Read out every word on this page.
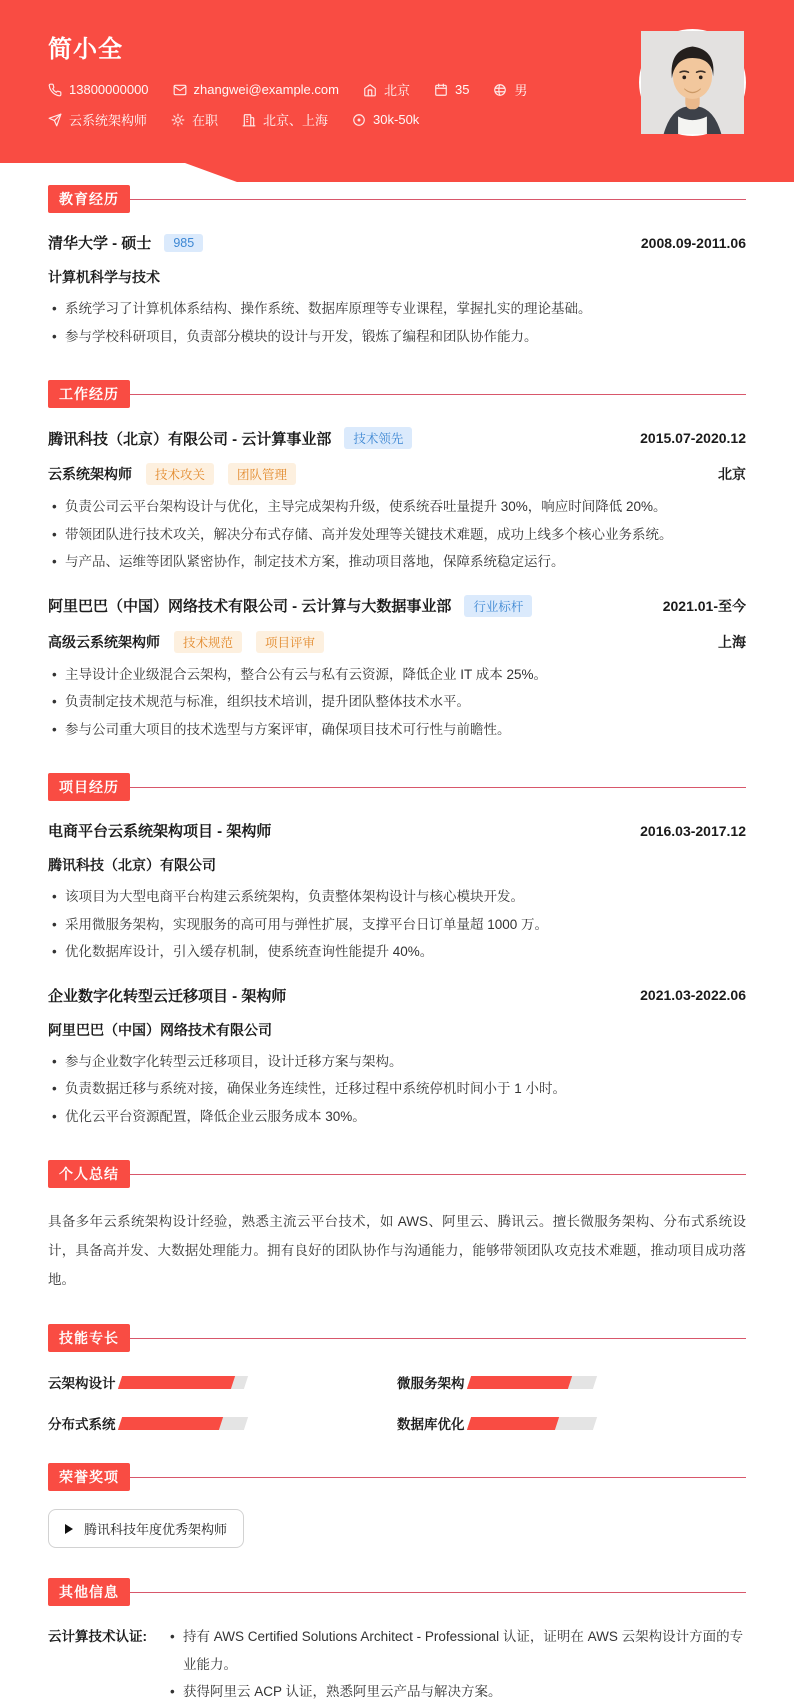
简小全
13800000000	zhangwei@example.com	北京	35	男
云系统架构师	在职	北京、上海	30k-50k
教育经历
清华大学 - 硕士	985	2008.09-2011.06
计算机科学与技术
• 系统学习了计算机体系结构、操作系统、数据库原理等专业课程，掌握扎实的理论基础。
• 参与学校科研项目，负责部分模块的设计与开发，锻炼了编程和团队协作能力。
工作经历
腾讯科技（北京）有限公司 - 云计算事业部	技术领先	2015.07-2020.12
云系统架构师	技术攻关	团队管理	北京
• 负责公司云平台架构设计与优化，主导完成架构升级，使系统吞吐量提升 30%，响应时间降低 20%。
• 带领团队进行技术攻关，解决分布式存储、高并发处理等关键技术难题，成功上线多个核心业务系统。
• 与产品、运维等团队紧密协作，制定技术方案，推动项目落地，保障系统稳定运行。
阿里巴巴（中国）网络技术有限公司 - 云计算与大数据事业部	行业标杆	2021.01-至今
高级云系统架构师	技术规范	项目评审	上海
• 主导设计企业级混合云架构，整合公有云与私有云资源，降低企业 IT 成本 25%。
• 负责制定技术规范与标准，组织技术培训，提升团队整体技术水平。
• 参与公司重大项目的技术选型与方案评审，确保项目技术可行性与前瞻性。
项目经历
电商平台云系统架构项目 - 架构师	2016.03-2017.12
腾讯科技（北京）有限公司
• 该项目为大型电商平台构建云系统架构，负责整体架构设计与核心模块开发。
• 采用微服务架构，实现服务的高可用与弹性扩展，支撑平台日订单量超 1000 万。
• 优化数据库设计，引入缓存机制，使系统查询性能提升 40%。
企业数字化转型云迁移项目 - 架构师	2021.03-2022.06
阿里巴巴（中国）网络技术有限公司
• 参与企业数字化转型云迁移项目，设计迁移方案与架构。
• 负责数据迁移与系统对接，确保业务连续性，迁移过程中系统停机时间小于 1 小时。
• 优化云平台资源配置，降低企业云服务成本 30%。
个人总结
具备多年云系统架构设计经验，熟悉主流云平台技术，如 AWS、阿里云、腾讯云。擅长微服务架构、分布式系统设计，具备高并发、大数据处理能力。拥有良好的团队协作与沟通能力，能够带领团队攻克技术难题，推动项目成功落地。
技能专长
云架构设计	微服务架构
分布式系统	数据库优化
荣誉奖项
腾讯科技年度优秀架构师
其他信息
云计算技术认证:	• 持有 AWS Certified Solutions Architect - Professional 认证，证明在 AWS 云架构设计方面的专业能力。
• 获得阿里云 ACP 认证，熟悉阿里云产品与解决方案。
